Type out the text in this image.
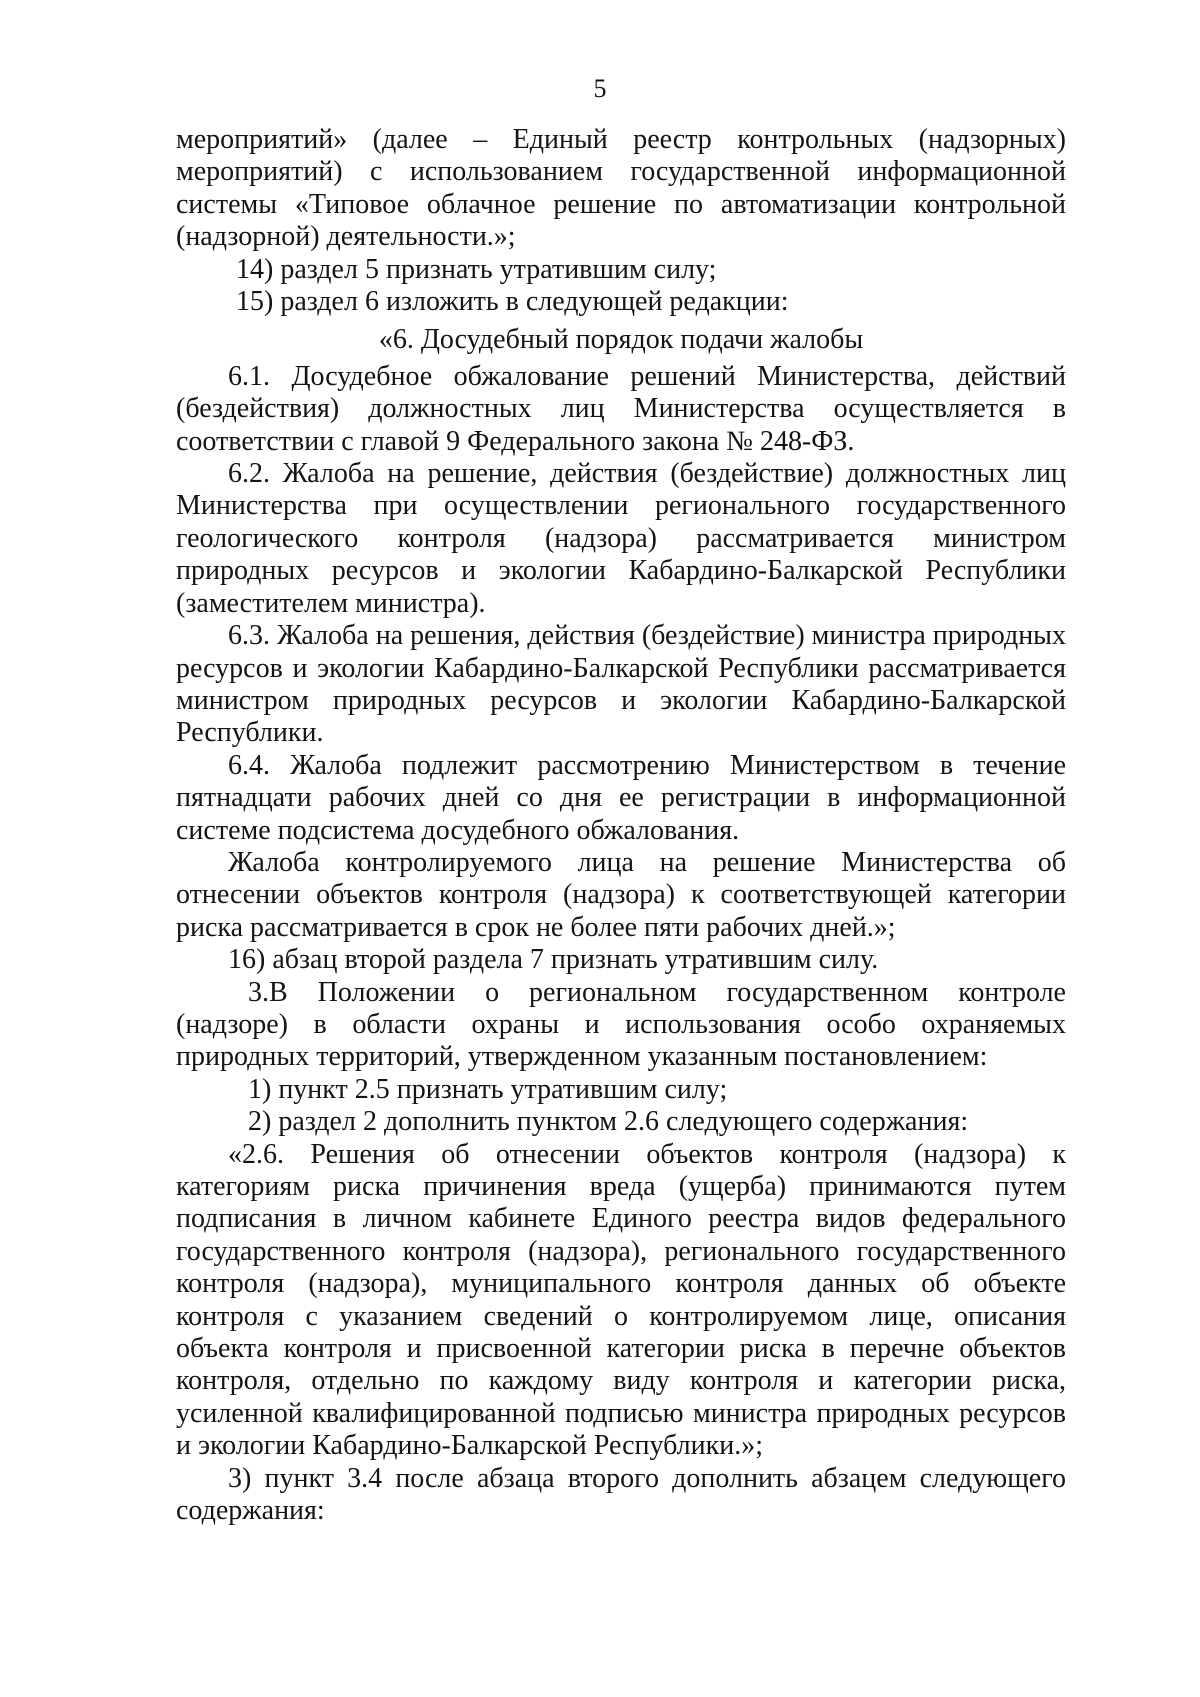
5

мероприятий» (далее – Единый реестр контрольных (надзорных) мероприятий) с использованием государственной информационной системы «Типовое облачное решение по автоматизации контрольной (надзорной) деятельности.»;

14) раздел 5 признать утратившим силу;

15) раздел 6 изложить в следующей редакции:

«6. Досудебный порядок подачи жалобы

6.1. Досудебное обжалование решений Министерства, действий (бездействия) должностных лиц Министерства осуществляется в соответствии с главой 9 Федерального закона № 248-ФЗ.

6.2. Жалоба на решение, действия (бездействие) должностных лиц Министерства при осуществлении регионального государственного геологического контроля (надзора) рассматривается министром природных ресурсов и экологии Кабардино-Балкарской Республики (заместителем министра).

6.3. Жалоба на решения, действия (бездействие) министра природных ресурсов и экологии Кабардино-Балкарской Республики рассматривается министром природных ресурсов и экологии Кабардино-Балкарской Республики.

6.4. Жалоба подлежит рассмотрению Министерством в течение пятнадцати рабочих дней со дня ее регистрации в информационной системе подсистема досудебного обжалования.

Жалоба контролируемого лица на решение Министерства об отнесении объектов контроля (надзора) к соответствующей категории риска рассматривается в срок не более пяти рабочих дней.»;

16) абзац второй раздела 7 признать утратившим силу.

3.В Положении о региональном государственном контроле (надзоре) в области охраны и использования особо охраняемых природных территорий, утвержденном указанным постановлением:

1) пункт 2.5 признать утратившим силу;

2) раздел 2 дополнить пунктом 2.6 следующего содержания:

«2.6. Решения об отнесении объектов контроля (надзора) к категориям риска причинения вреда (ущерба) принимаются путем подписания в личном кабинете Единого реестра видов федерального государственного контроля (надзора), регионального государственного контроля (надзора), муниципального контроля данных об объекте контроля с указанием сведений о контролируемом лице, описания объекта контроля и присвоенной категории риска в перечне объектов контроля, отдельно по каждому виду контроля и категории риска, усиленной квалифицированной подписью министра природных ресурсов и экологии Кабардино-Балкарской Республики.»;

3) пункт 3.4 после абзаца второго дополнить абзацем следующего содержания:
